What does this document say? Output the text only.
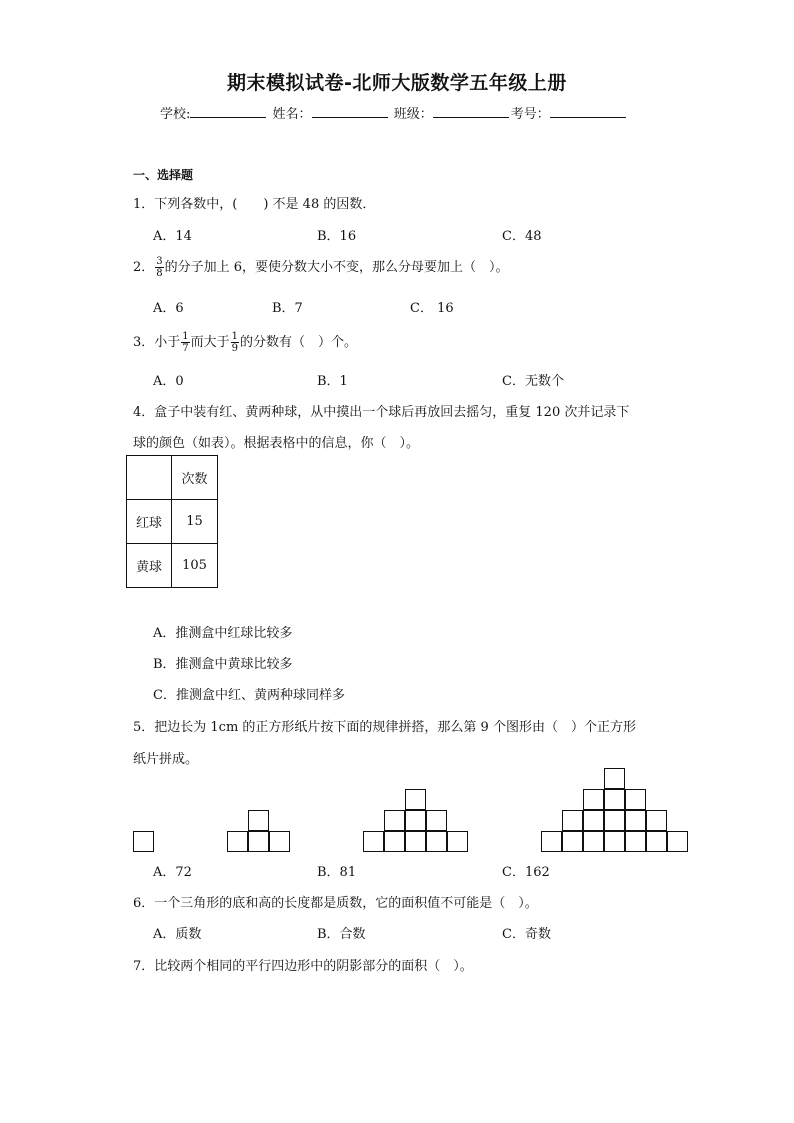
期末模拟试卷-北师大版数学五年级上册
学校:	姓名：	班级：	考号：
一、选择题
1．下列各数中，(　　) 不是 48 的因数．
A．14	B．16	C．48
2． $\frac{3}{8}$ 的分子加上 6，要使分数大小不变，那么分母要加上（　）。
A．6	B．7	C． 16
3．小于 $\frac{1}{7}$ 而大于 $\frac{1}{9}$ 的分数有（　）个。
A．0	B．1	C．无数个
4．盒子中装有红、黄两种球，从中摸出一个球后再放回去摇匀，重复 120 次并记录下
球的颜色（如表）。根据表格中的信息，你（　）。
	次数
红球	15
黄球	105
A．推测盒中红球比较多
B．推测盒中黄球比较多
C．推测盒中红、黄两种球同样多
5．把边长为 1cm 的正方形纸片按下面的规律拼搭，那么第 9 个图形由（　）个正方形
纸片拼成。
A．72	B．81	C．162
6．一个三角形的底和高的长度都是质数，它的面积值不可能是（　）。
A．质数	B．合数	C．奇数
7．比较两个相同的平行四边形中的阴影部分的面积（　）。
